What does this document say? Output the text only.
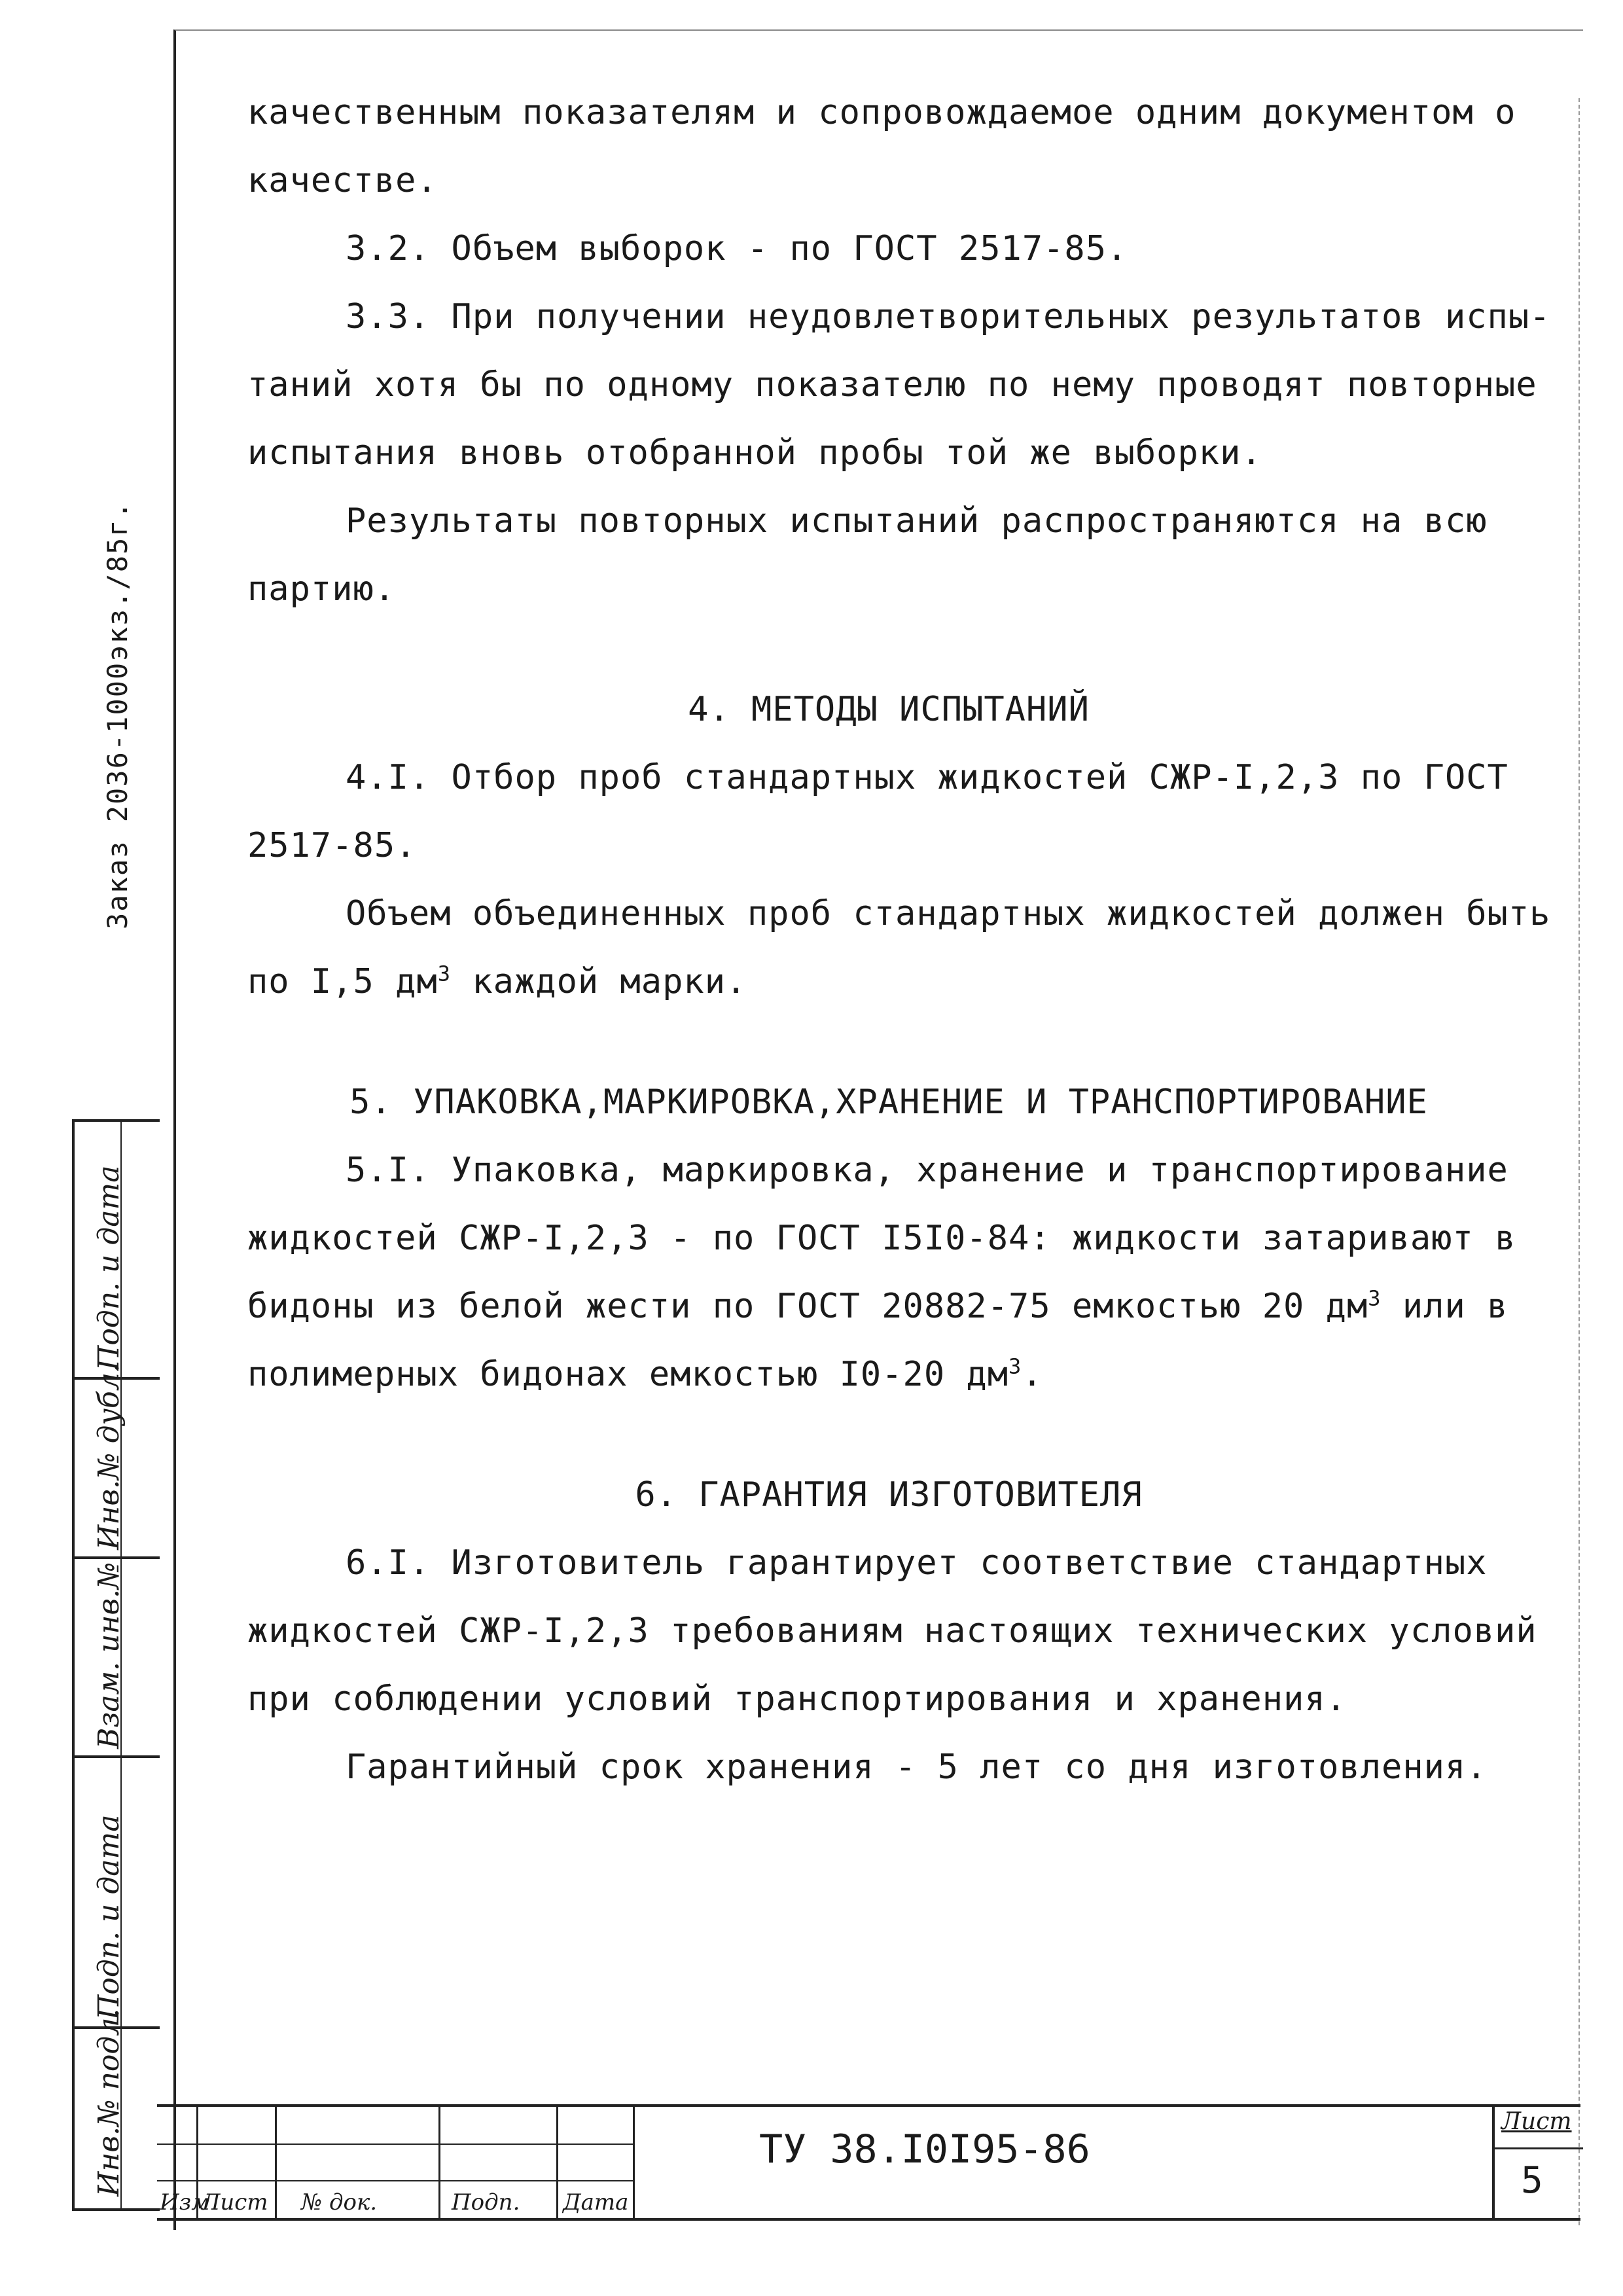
Заказ 2036-1000экз./85г.
качественным показателям и сопровождаемое одним документом о
качестве.
3.2. Объем выборок - по ГОСТ 2517-85.
3.3. При получении неудовлетворительных результатов испы-
таний хотя бы по одному показателю по нему проводят повторные
испытания вновь отобранной пробы той же выборки.
Результаты повторных испытаний распространяются на всю
партию.
4. МЕТОДЫ ИСПЫТАНИЙ
4.I. Отбор проб стандартных жидкостей СЖР-I,2,3 по ГОСТ
2517-85.
Объем объединенных проб стандартных жидкостей должен быть
по I,5 $дм^3$ каждой марки.
5. УПАКОВКА,МАРКИРОВКА,ХРАНЕНИЕ И ТРАНСПОРТИРОВАНИЕ
5.I. Упаковка, маркировка, хранение и транспортирование
жидкостей СЖР-I,2,3 - по ГОСТ I5I0-84: жидкости затаривают в
бидоны из белой жести по ГОСТ 20882-75 емкостью 20 $дм^3$ или в
полимерных бидонах емкостью I0-20 $дм^3$.
6. ГАРАНТИЯ ИЗГОТОВИТЕЛЯ
6.I. Изготовитель гарантирует соответствие стандартных
жидкостей СЖР-I,2,3 требованиям настоящих технических условий
при соблюдении условий транспортирования и хранения.
Гарантийный срок хранения - 5 лет со дня изготовления.
Подп. и дата
Инв.№ дубл.
Взам. инв.№
Подп. и дата
Инв.№ подл.
Изм
Лист № док.	Подп. Дата
ТУ 38.I0I95-86
Лист
5
